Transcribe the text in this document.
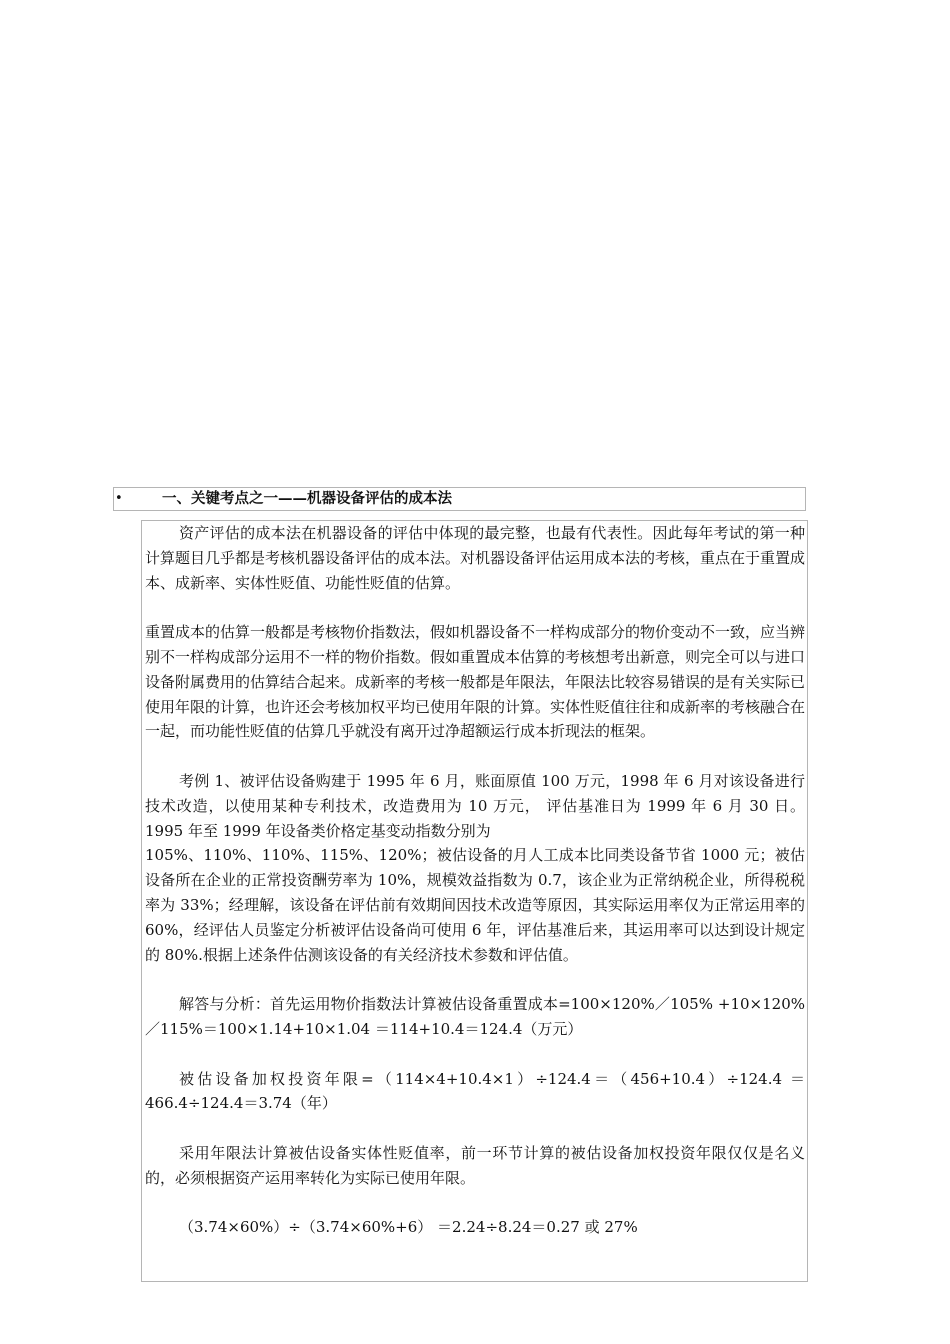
•	一、关键考点之一——机器设备评估的成本法

资产评估的成本法在机器设备的评估中体现的最完整，也最有代表性。因此每年考试的第一种计算题目几乎都是考核机器设备评估的成本法。对机器设备评估运用成本法的考核，重点在于重置成本、成新率、实体性贬值、功能性贬值的估算。

重置成本的估算一般都是考核物价指数法，假如机器设备不一样构成部分的物价变动不一致，应当辨别不一样构成部分运用不一样的物价指数。假如重置成本估算的考核想考出新意，则完全可以与进口设备附属费用的估算结合起来。成新率的考核一般都是年限法，年限法比较容易错误的是有关实际已使用年限的计算，也许还会考核加权平均已使用年限的计算。实体性贬值往往和成新率的考核融合在一起，而功能性贬值的估算几乎就没有离开过净超额运行成本折现法的框架。

考例 1、被评估设备购建于 1995 年 6 月，账面原值 100 万元，1998 年 6 月对该设备进行技术改造，以使用某种专利技术，改造费用为 10 万元， 评估基准日为 1999 年 6 月 30 日。1995 年至 1999 年设备类价格定基变动指数分别为

105%、110%、110%、115%、120%；被估设备的月人工成本比同类设备节省 1000 元；被估设备所在企业的正常投资酬劳率为 10%，规模效益指数为 0.7，该企业为正常纳税企业，所得税税率为 33%；经理解，该设备在评估前有效期间因技术改造等原因，其实际运用率仅为正常运用率的 60%，经评估人员鉴定分析被评估设备尚可使用 6 年，评估基准后来，其运用率可以达到设计规定的 80%.根据上述条件估测该设备的有关经济技术参数和评估值。

解答与分析：首先运用物价指数法计算被估设备重置成本=100×120%／105% +10×120%／115%＝100×1.14+10×1.04 ＝114+10.4＝124.4（万元）

被估设备加权投资年限=（114×4+10.4×1）÷124.4＝（456+10.4）÷124.4 ＝466.4÷124.4＝3.74（年）

采用年限法计算被估设备实体性贬值率，前一环节计算的被估设备加权投资年限仅仅是名义的，必须根据资产运用率转化为实际已使用年限。

（3.74×60%）÷（3.74×60%+6） ＝2.24÷8.24＝0.27 或 27%
